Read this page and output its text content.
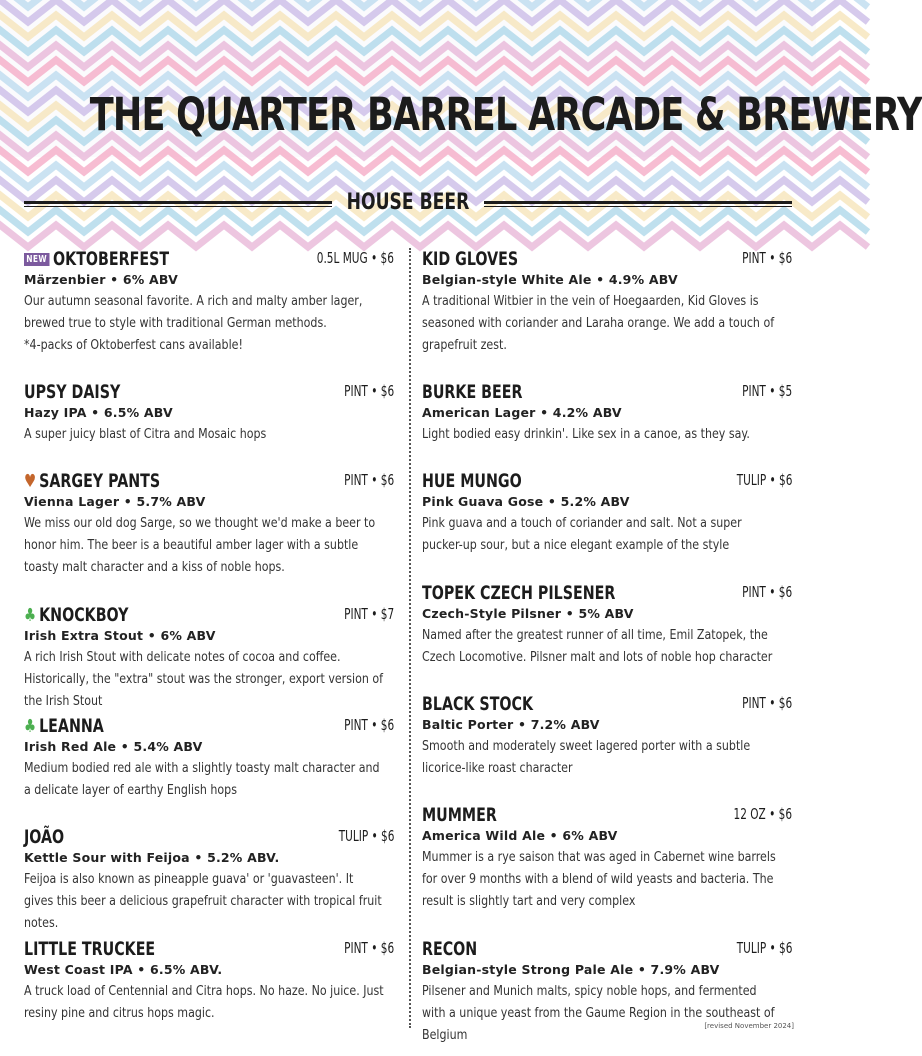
THE QUARTER BARREL ARCADE & BREWERY
HOUSE BEER
NEW OKTOBERFEST	0.5L MUG • $6
Märzenbier • 6% ABV
Our autumn seasonal favorite. A rich and malty amber lager, brewed true to style with traditional German methods.
*4-packs of Oktoberfest cans available!
UPSY DAISY	PINT • $6
Hazy IPA • 6.5% ABV
A super juicy blast of Citra and Mosaic hops
♥ SARGEY PANTS	PINT • $6
Vienna Lager • 5.7% ABV
We miss our old dog Sarge, so we thought we'd make a beer to honor him. The beer is a beautiful amber lager with a subtle toasty malt character and a kiss of noble hops.
♣ KNOCKBOY	PINT • $7
Irish Extra Stout • 6% ABV
A rich Irish Stout with delicate notes of cocoa and coffee. Historically, the "extra" stout was the stronger, export version of the Irish Stout
♣ LEANNA	PINT • $6
Irish Red Ale • 5.4% ABV
Medium bodied red ale with a slightly toasty malt character and a delicate layer of earthy English hops
JOÃO	TULIP • $6
Kettle Sour with Feijoa • 5.2% ABV.
Feijoa is also known as pineapple guava' or 'guavasteen'. It gives this beer a delicious grapefruit character with tropical fruit notes.
LITTLE TRUCKEE	PINT • $6
West Coast IPA • 6.5% ABV.
A truck load of Centennial and Citra hops. No haze. No juice. Just resiny pine and citrus hops magic.
KID GLOVES	PINT • $6
Belgian-style White Ale • 4.9% ABV
A traditional Witbier in the vein of Hoegaarden, Kid Gloves is seasoned with coriander and Laraha orange. We add a touch of grapefruit zest.
BURKE BEER	PINT • $5
American Lager • 4.2% ABV
Light bodied easy drinkin'. Like sex in a canoe, as they say.
HUE MUNGO	TULIP • $6
Pink Guava Gose • 5.2% ABV
Pink guava and a touch of coriander and salt. Not a super pucker-up sour, but a nice elegant example of the style
TOPEK CZECH PILSENER	PINT • $6
Czech-Style Pilsner • 5% ABV
Named after the greatest runner of all time, Emil Zatopek, the Czech Locomotive. Pilsner malt and lots of noble hop character
BLACK STOCK	PINT • $6
Baltic Porter • 7.2% ABV
Smooth and moderately sweet lagered porter with a subtle licorice-like roast character
MUMMER	12 OZ • $6
America Wild Ale • 6% ABV
Mummer is a rye saison that was aged in Cabernet wine barrels for over 9 months with a blend of wild yeasts and bacteria. The result is slightly tart and very complex
RECON	TULIP • $6
Belgian-style Strong Pale Ale • 7.9% ABV
Pilsener and Munich malts, spicy noble hops, and fermented with a unique yeast from the Gaume Region in the southeast of Belgium
[revised November 2024]
